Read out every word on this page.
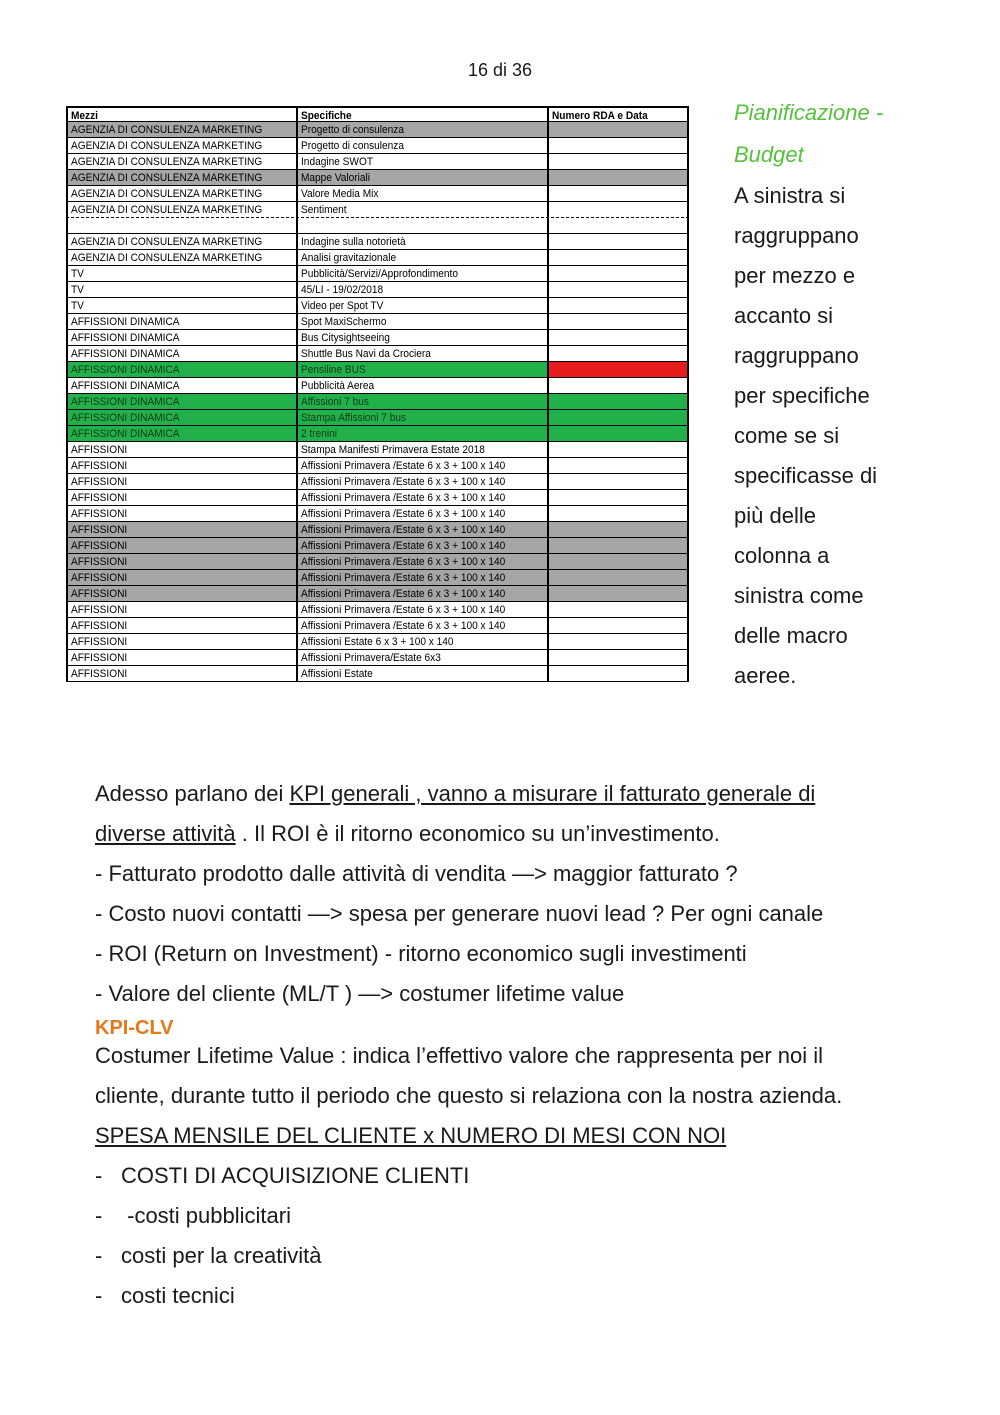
16 di 36
Mezzi	Specifiche	Numero RDA e Data
AGENZIA DI CONSULENZA MARKETING	Progetto di consulenza
AGENZIA DI CONSULENZA MARKETING	Progetto di consulenza
AGENZIA DI CONSULENZA MARKETING	Indagine SWOT
AGENZIA DI CONSULENZA MARKETING	Mappe Valoriali
AGENZIA DI CONSULENZA MARKETING	Valore Media Mix
AGENZIA DI CONSULENZA MARKETING	Sentiment
AGENZIA DI CONSULENZA MARKETING	Indagine sulla notorietà
AGENZIA DI CONSULENZA MARKETING	Analisi gravitazionale
TV	Pubblicità/Servizi/Approfondimento
TV	45/LI - 19/02/2018
TV	Video per Spot TV
AFFISSIONI DINAMICA	Spot MaxiSchermo
AFFISSIONI DINAMICA	Bus Citysightseeing
AFFISSIONI DINAMICA	Shuttle Bus Navi da Crociera
AFFISSIONI DINAMICA	Pensiline BUS
AFFISSIONI DINAMICA	Pubblicità Aerea
AFFISSIONI DINAMICA	Affissioni 7 bus
AFFISSIONI DINAMICA	Stampa Affissioni 7 bus
AFFISSIONI DINAMICA	2 trenini
AFFISSIONI	Stampa Manifesti Primavera Estate 2018
AFFISSIONI	Affissioni Primavera /Estate 6 x 3 + 100 x 140
AFFISSIONI	Affissioni Primavera /Estate 6 x 3 + 100 x 140
AFFISSIONI	Affissioni Primavera /Estate 6 x 3 + 100 x 140
AFFISSIONI	Affissioni Primavera /Estate 6 x 3 + 100 x 140
AFFISSIONI	Affissioni Primavera /Estate 6 x 3 + 100 x 140
AFFISSIONI	Affissioni Primavera /Estate 6 x 3 + 100 x 140
AFFISSIONI	Affissioni Primavera /Estate 6 x 3 + 100 x 140
AFFISSIONI	Affissioni Primavera /Estate 6 x 3 + 100 x 140
AFFISSIONI	Affissioni Primavera /Estate 6 x 3 + 100 x 140
AFFISSIONI	Affissioni Primavera /Estate 6 x 3 + 100 x 140
AFFISSIONI	Affissioni Primavera /Estate 6 x 3 + 100 x 140
AFFISSIONI	Affissioni Estate 6 x 3 + 100 x 140
AFFISSIONI	Affissioni Primavera/Estate 6x3
AFFISSIONI	Affissioni Estate
Pianificazione -
Budget
A sinistra si
raggruppano
per mezzo e
accanto si
raggruppano
per specifiche
come se si
specificasse di
più delle
colonna a
sinistra come
delle macro
aeree.
Adesso parlano dei KPI generali , vanno a misurare il fatturato generale di
diverse attività . Il ROI è il ritorno economico su un’investimento.
- Fatturato prodotto dalle attività di vendita —> maggior fatturato ?
- Costo nuovi contatti —> spesa per generare nuovi lead ? Per ogni canale
- ROI (Return on Investment) - ritorno economico sugli investimenti
- Valore del cliente (ML/T ) —> costumer lifetime value
KPI-CLV
Costumer Lifetime Value : indica l’effettivo valore che rappresenta per noi il
cliente, durante tutto il periodo che questo si relaziona con la nostra azienda.
SPESA MENSILE DEL CLIENTE x NUMERO DI MESI CON NOI
- COSTI DI ACQUISIZIONE CLIENTI
- -costi pubblicitari
- costi per la creatività
- costi tecnici
